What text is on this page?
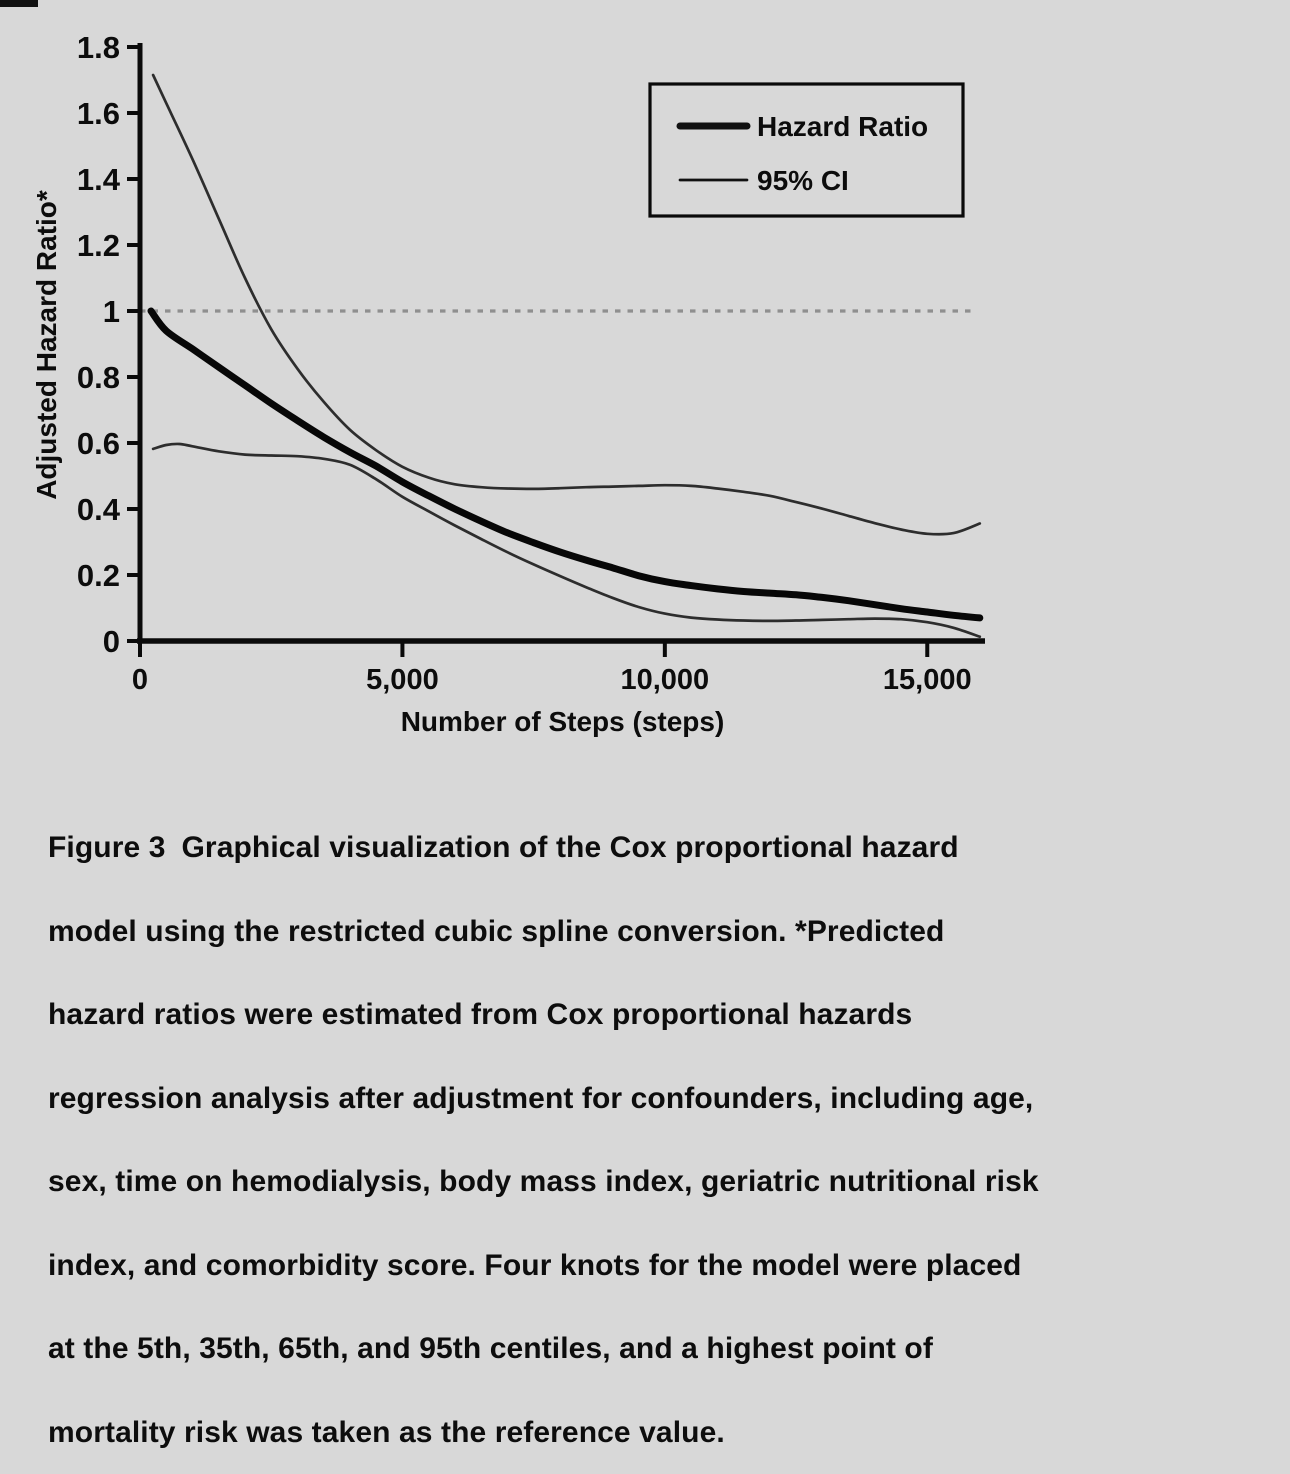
0
0.2
0.4
0.6
0.8
1
1.2
1.4
1.6
1.8
0	5,000	10,000	15,000
Number of Steps (steps)
Adjusted Hazard Ratio*
Hazard Ratio
95% CI
Figure 3 Graphical visualization of the Cox proportional hazard
model using the restricted cubic spline conversion. *Predicted
hazard ratios were estimated from Cox proportional hazards
regression analysis after adjustment for confounders, including age,
sex, time on hemodialysis, body mass index, geriatric nutritional risk
index, and comorbidity score. Four knots for the model were placed
at the 5th, 35th, 65th, and 95th centiles, and a highest point of
mortality risk was taken as the reference value.
